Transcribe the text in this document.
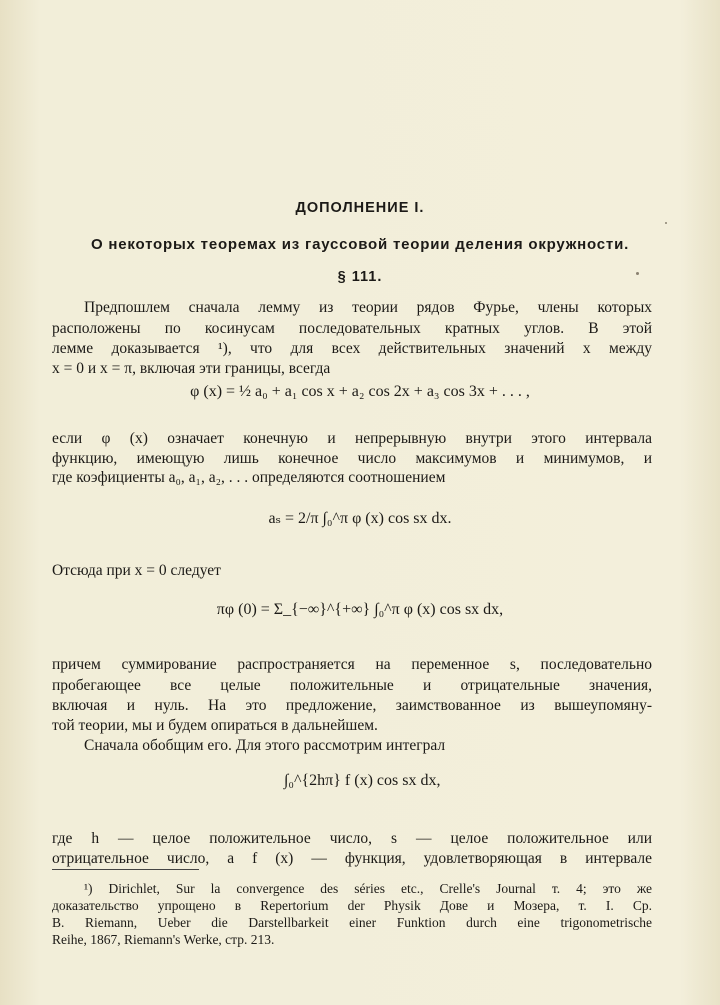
ДОПОЛНЕНИЕ I.
О некоторых теоремах из гауссовой теории деления окружности.
§ 111.
Предпошлем сначала лемму из теории рядов Фурье, члены которых
расположены по косинусам последовательных кратных углов. В этой
лемме доказывается ¹), что для всех действительных значений x между
x = 0 и x = π, включая эти границы, всегда
φ (x) = ½ a₀ + a₁ cos x + a₂ cos 2x + a₃ cos 3x + . . . ,
если φ (x) означает конечную и непрерывную внутри этого интервала
функцию, имеющую лишь конечное число максимумов и минимумов, и
где коэфициенты a₀, a₁, a₂, . . . определяются соотношением
aₛ = 2/π ∫₀^π φ (x) cos sx dx.
Отсюда при x = 0 следует
πφ (0) = Σ_{−∞}^{+∞} ∫₀^π φ (x) cos sx dx,
причем суммирование распространяется на переменное s, последовательно
пробегающее все целые положительные и отрицательные значения,
включая и нуль. На это предложение, заимствованное из вышеупомяну-
той теории, мы и будем опираться в дальнейшем.
Сначала обобщим его. Для этого рассмотрим интеграл
∫₀^{2hπ} f (x) cos sx dx,
где h — целое положительное число, s — целое положительное или
отрицательное число, а f (x) — функция, удовлетворяющая в интервале
¹) Dirichlet, Sur la convergence des séries etc., Crelle's Journal т. 4; это же
доказательство упрощено в Repertorium der Physik Дове и Мозера, т. I. Ср.
B. Riemann, Ueber die Darstellbarkeit einer Funktion durch eine trigonometrische
Reihe, 1867, Riemann's Werke, стр. 213.
